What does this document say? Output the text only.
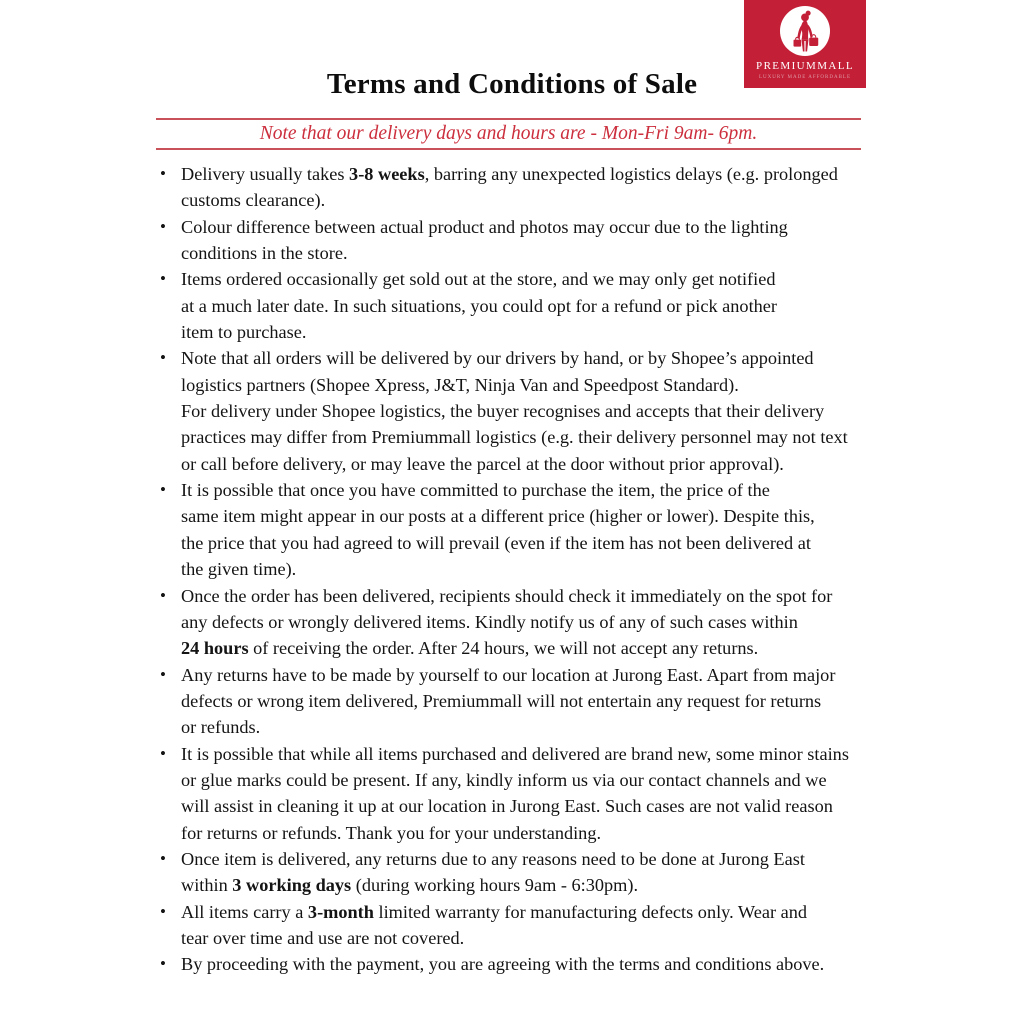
Terms and Conditions of Sale
PREMIUMMALL
LUXURY MADE AFFORDABLE
Note that our delivery days and hours are - Mon-Fri 9am- 6pm.
• Delivery usually takes 3-8 weeks, barring any unexpected logistics delays (e.g. prolonged
customs clearance).
• Colour difference between actual product and photos may occur due to the lighting
conditions in the store.
• Items ordered occasionally get sold out at the store, and we may only get notified
at a much later date. In such situations, you could opt for a refund or pick another
item to purchase.
• Note that all orders will be delivered by our drivers by hand, or by Shopee’s appointed
logistics partners (Shopee Xpress, J&T, Ninja Van and Speedpost Standard).
For delivery under Shopee logistics, the buyer recognises and accepts that their delivery
practices may differ from Premiummall logistics (e.g. their delivery personnel may not text
or call before delivery, or may leave the parcel at the door without prior approval).
• It is possible that once you have committed to purchase the item, the price of the
same item might appear in our posts at a different price (higher or lower). Despite this,
the price that you had agreed to will prevail (even if the item has not been delivered at
the given time).
• Once the order has been delivered, recipients should check it immediately on the spot for
any defects or wrongly delivered items. Kindly notify us of any of such cases within
24 hours of receiving the order. After 24 hours, we will not accept any returns.
• Any returns have to be made by yourself to our location at Jurong East. Apart from major
defects or wrong item delivered, Premiummall will not entertain any request for returns
or refunds.
• It is possible that while all items purchased and delivered are brand new, some minor stains
or glue marks could be present. If any, kindly inform us via our contact channels and we
will assist in cleaning it up at our location in Jurong East. Such cases are not valid reason
for returns or refunds. Thank you for your understanding.
• Once item is delivered, any returns due to any reasons need to be done at Jurong East
within 3 working days (during working hours 9am - 6:30pm).
• All items carry a 3-month limited warranty for manufacturing defects only. Wear and
tear over time and use are not covered.
• By proceeding with the payment, you are agreeing with the terms and conditions above.
